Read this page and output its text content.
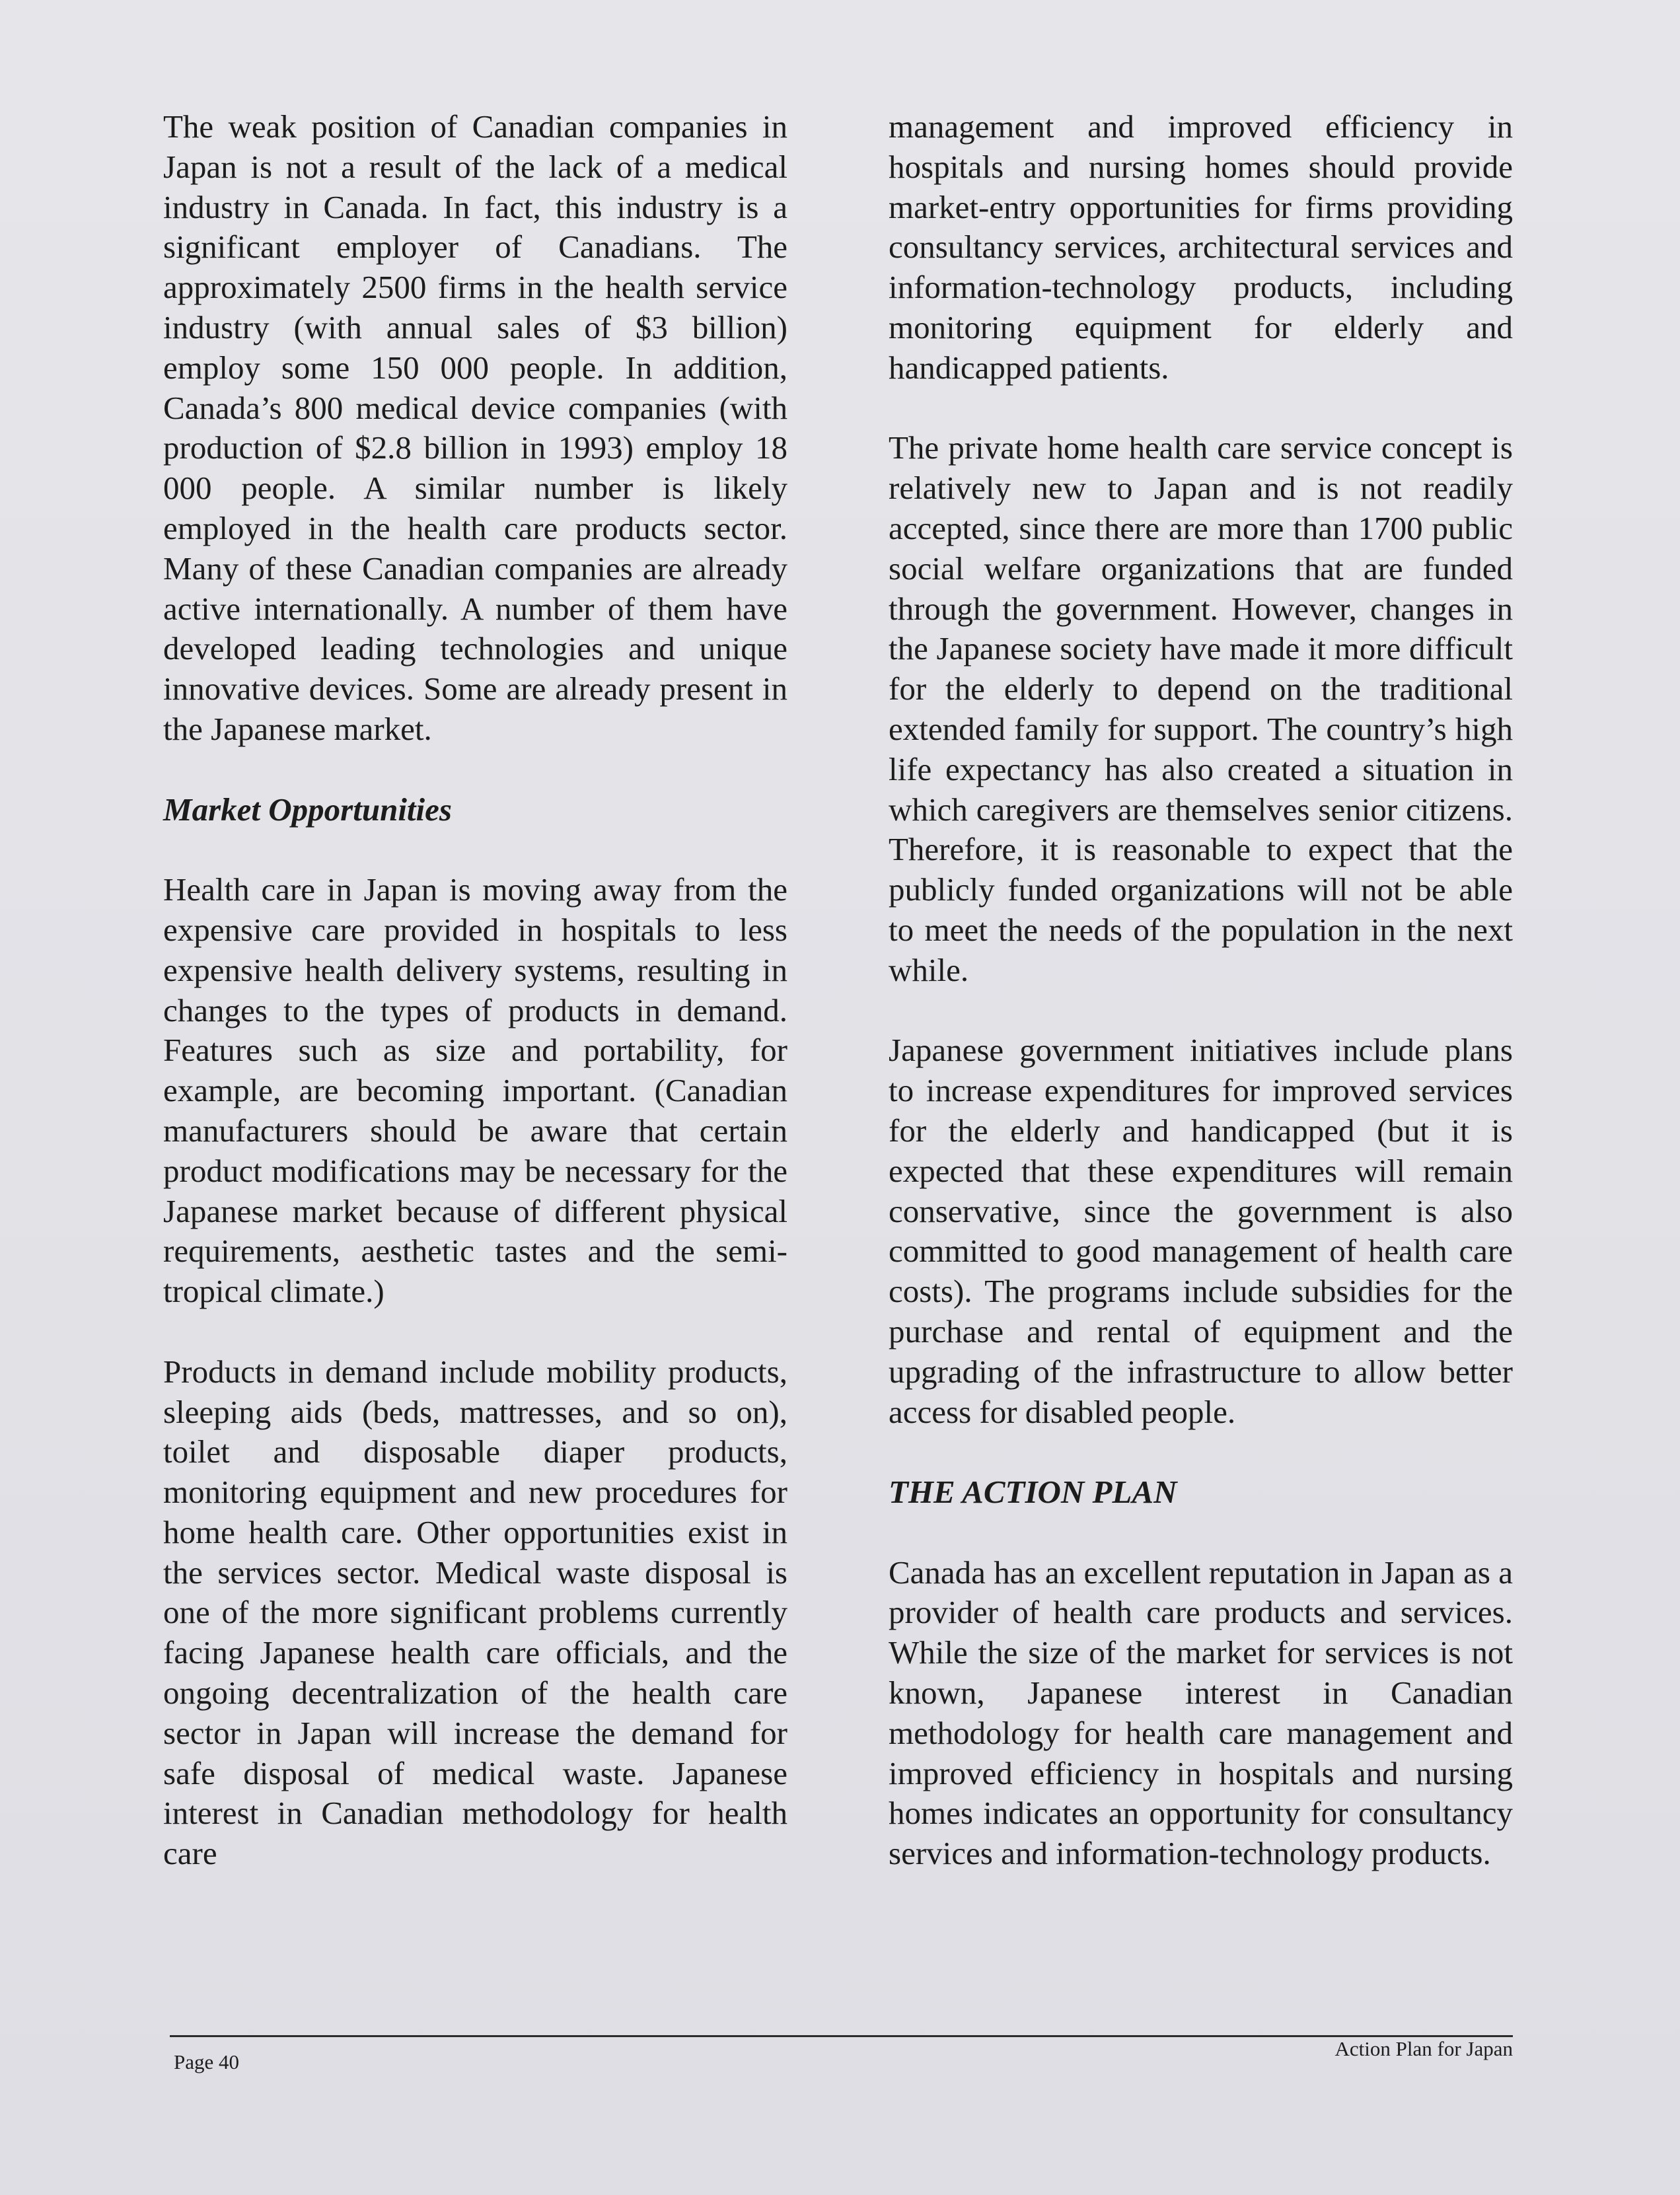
The weak position of Canadian companies in Japan is not a result of the lack of a medical industry in Canada. In fact, this industry is a significant employer of Canadians. The approximately 2500 firms in the health service industry (with annual sales of $3 billion) employ some 150 000 people. In addition, Canada’s 800 medical device companies (with production of $2.8 billion in 1993) employ 18 000 people. A similar number is likely employed in the health care products sector. Many of these Canadian companies are already active internationally. A number of them have developed leading technologies and unique innovative devices. Some are already present in the Japanese market.

Market Opportunities

Health care in Japan is moving away from the expensive care provided in hospitals to less expensive health delivery systems, resulting in changes to the types of products in demand. Features such as size and portability, for example, are becoming important. (Canadian manufacturers should be aware that certain product modifications may be necessary for the Japanese market because of different physical requirements, aesthetic tastes and the semi-tropical climate.)

Products in demand include mobility products, sleeping aids (beds, mattresses, and so on), toilet and disposable diaper products, monitoring equipment and new procedures for home health care. Other opportunities exist in the services sector. Medical waste disposal is one of the more significant problems currently facing Japanese health care officials, and the ongoing decentralization of the health care sector in Japan will increase the demand for safe disposal of medical waste. Japanese interest in Canadian methodology for health care

management and improved efficiency in hospitals and nursing homes should provide market-entry opportunities for firms providing consultancy services, architectural services and information-technology products, including monitoring equipment for elderly and handicapped patients.

The private home health care service concept is relatively new to Japan and is not readily accepted, since there are more than 1700 public social welfare organizations that are funded through the government. However, changes in the Japanese society have made it more difficult for the elderly to depend on the traditional extended family for support. The country’s high life expectancy has also created a situation in which caregivers are themselves senior citizens. Therefore, it is reasonable to expect that the publicly funded organizations will not be able to meet the needs of the population in the next while.

Japanese government initiatives include plans to increase expenditures for improved services for the elderly and handicapped (but it is expected that these expenditures will remain conservative, since the government is also committed to good management of health care costs). The programs include subsidies for the purchase and rental of equipment and the upgrading of the infrastructure to allow better access for disabled people.

THE ACTION PLAN

Canada has an excellent reputation in Japan as a provider of health care products and services. While the size of the market for services is not known, Japanese interest in Canadian methodology for health care management and improved efficiency in hospitals and nursing homes indicates an opportunity for consultancy services and information-technology products.

Page 40
Action Plan for Japan
